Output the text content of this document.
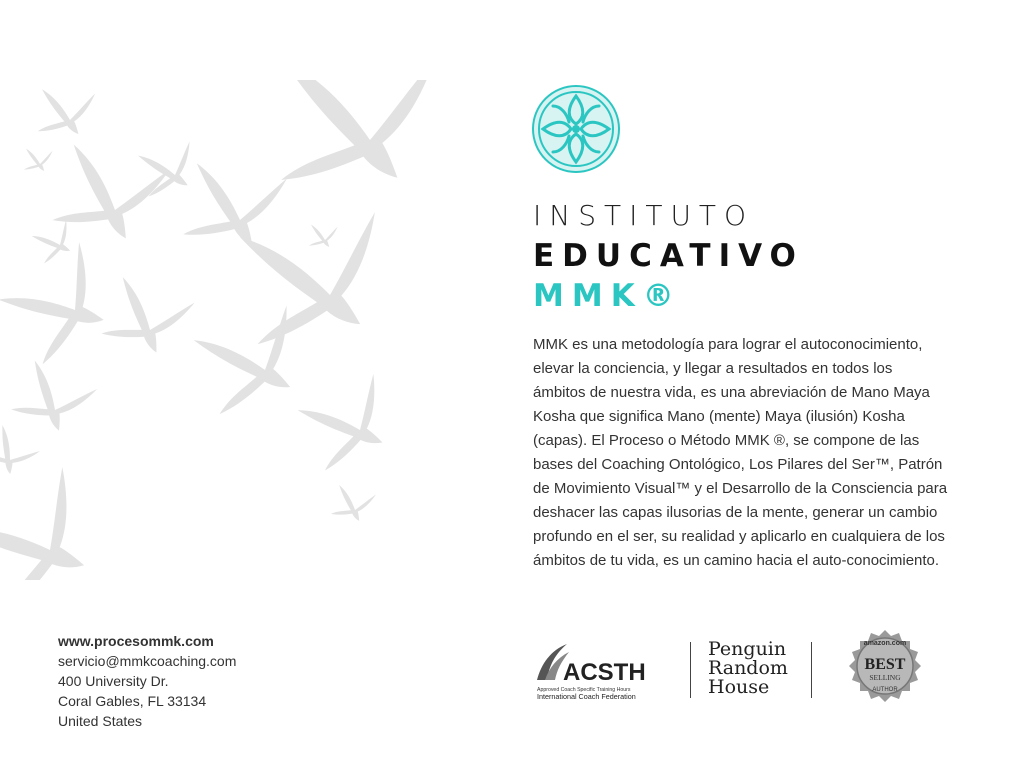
INSTITUTO
EDUCATIVO
MMK®

MMK es una metodología para lograr el autoconocimiento, elevar la conciencia, y llegar a resultados en todos los ámbitos de nuestra vida, es una abreviación de Mano Maya Kosha que significa Mano (mente) Maya (ilusión) Kosha (capas). El Proceso o Método MMK ®, se compone de las bases del Coaching Ontológico, Los Pilares del Ser™, Patrón de Movimiento Visual™ y el Desarrollo de la Consciencia para deshacer las capas ilusorias de la mente, generar un cambio profundo en el ser, su realidad y aplicarlo en cualquiera de los ámbitos de tu vida, es un camino hacia el auto-conocimiento.

www.procesommk.com
servicio@mmkcoaching.com
400 University Dr.
Coral Gables, FL 33134
United States
ACSTH
Approved Coach Specific Training Hours
International Coach Federation
Penguin
Random
House
amazon.com
BEST
SELLING
AUTHOR
